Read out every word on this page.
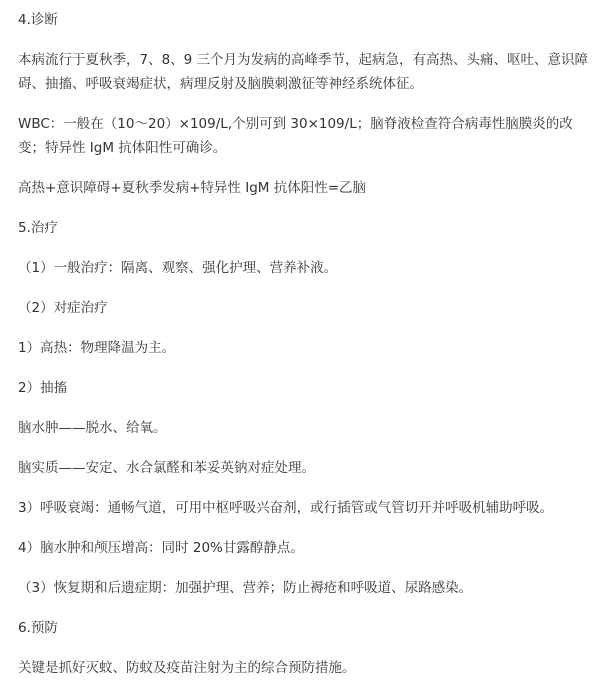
4.诊断

本病流行于夏秋季，7、8、9 三个月为发病的高峰季节，起病急，有高热、头痛、呕吐、意识障碍、抽搐、呼吸衰竭症状，病理反射及脑膜刺激征等神经系统体征。

WBC：一般在（10～20）×109/L,个别可到 30×109/L；脑脊液检查符合病毒性脑膜炎的改变；特异性 IgM 抗体阳性可确诊。

高热+意识障碍+夏秋季发病+特异性 IgM 抗体阳性=乙脑

5.治疗

（1）一般治疗：隔离、观察、强化护理、营养补液。

（2）对症治疗

1）高热：物理降温为主。

2）抽搐

脑水肿——脱水、给氧。

脑实质——安定、水合氯醛和苯妥英钠对症处理。

3）呼吸衰竭：通畅气道，可用中枢呼吸兴奋剂，或行插管或气管切开并呼吸机辅助呼吸。

4）脑水肿和颅压增高：同时 20%甘露醇静点。

（3）恢复期和后遗症期：加强护理、营养；防止褥疮和呼吸道、尿路感染。

6.预防

关键是抓好灭蚊、防蚊及疫苗注射为主的综合预防措施。
